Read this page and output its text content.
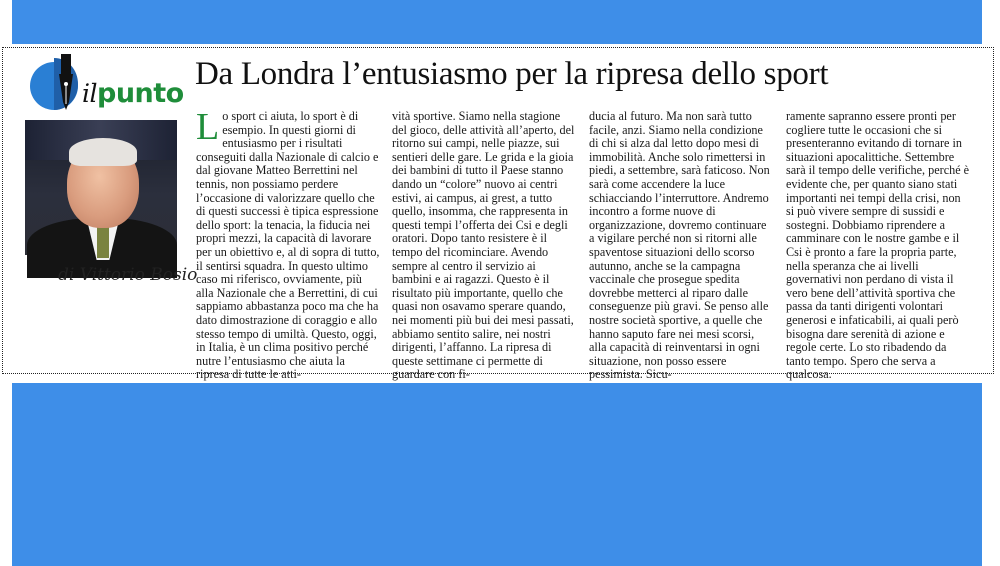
ilpunto
di Vittorio Bosio
Da Londra l’entusiasmo per la ripresa dello sport
L o sport ci aiuta, lo sport è di esempio. In questi giorni di entusiasmo per i risultati conseguiti dalla Nazionale di calcio e dal giovane Matteo Berrettini nel tennis, non possiamo perdere l’occasione di valorizzare quello che di questi successi è tipica espressione dello sport: la tenacia, la fiducia nei propri mezzi, la capacità di lavorare per un obiettivo e, al di sopra di tutto, il sentirsi squadra. In questo ultimo caso mi riferisco, ovviamente, più alla Nazionale che a Berrettini, di cui sappiamo abbastanza poco ma che ha dato dimostrazione di coraggio e allo stesso tempo di umiltà. Questo, oggi, in Italia, è un clima positivo perché nutre l’entusiasmo che aiuta la ripresa di tutte le atti-

vità sportive. Siamo nella stagione del gioco, delle attività all’aperto, del ritorno sui campi, nelle piazze, sui sentieri delle gare. Le grida e la gioia dei bambini di tutto il Paese stanno dando un “colore” nuovo ai centri estivi, ai campus, ai grest, a tutto quello, insomma, che rappresenta in questi tempi l’offerta dei Csi e degli oratori. Dopo tanto resistere è il tempo del ricominciare. Avendo sempre al centro il servizio ai bambini e ai ragazzi. Questo è il risultato più importante, quello che quasi non osavamo sperare quando, nei momenti più bui dei mesi passati, abbiamo sentito salire, nei nostri dirigenti, l’affanno. La ripresa di queste settimane ci permette di guardare con fi-

ducia al futuro. Ma non sarà tutto facile, anzi. Siamo nella condizione di chi si alza dal letto dopo mesi di immobilità. Anche solo rimettersi in piedi, a settembre, sarà faticoso. Non sarà come accendere la luce schiacciando l’interruttore. Andremo incontro a forme nuove di organizzazione, dovremo continuare a vigilare perché non si ritorni alle spaventose situazioni dello scorso autunno, anche se la campagna vaccinale che prosegue spedita dovrebbe metterci al riparo dalle conseguenze più gravi. Se penso alle nostre società sportive, a quelle che hanno saputo fare nei mesi scorsi, alla capacità di reinventarsi in ogni situazione, non posso essere pessimista. Sicu-

ramente sapranno essere pronti per cogliere tutte le occasioni che si presenteranno evitando di tornare in situazioni apocalittiche. Settembre sarà il tempo delle verifiche, perché è evidente che, per quanto siano stati importanti nei tempi della crisi, non si può vivere sempre di sussidi e sostegni. Dobbiamo riprendere a camminare con le nostre gambe e il Csi è pronto a fare la propria parte, nella speranza che ai livelli governativi non perdano di vista il vero bene dell’attività sportiva che passa da tanti dirigenti volontari generosi e infaticabili, ai quali però bisogna dare serenità di azione e regole certe. Lo sto ribadendo da tanto tempo. Spero che serva a qualcosa.
